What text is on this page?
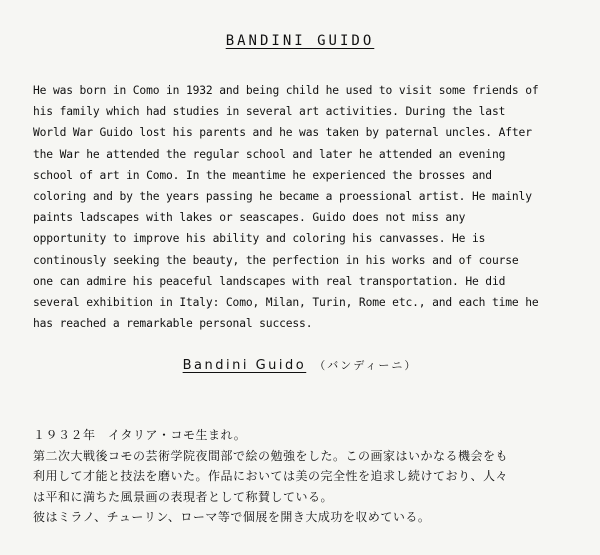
BANDINI GUIDO

He was born in Como in 1932 and being child he used to visit some friends of
his family which had studies in several art activities. During the last
World War Guido lost his parents and he was taken by paternal uncles. After
the War he attended the regular school and later he attended an evening
school of art in Como. In the meantime he experienced the brosses and
coloring and by the years passing he became a proessional artist. He mainly
paints ladscapes with lakes or seascapes. Guido does not miss any
opportunity to improve his ability and coloring his canvasses. He is
continously seeking the beauty, the perfection in his works and of course
one can admire his peaceful landscapes with real transportation. He did
several exhibition in Italy: Como, Milan, Turin, Rome etc., and each time he
has reached a remarkable personal success.

Bandini Guido （バンディーニ）

１９３２年　イタリア・コモ生まれ。
第二次大戦後コモの芸術学院夜間部で絵の勉強をした。この画家はいかなる機会をも
利用して才能と技法を磨いた。作品においては美の完全性を追求し続けており、人々
は平和に満ちた風景画の表現者として称賛している。
彼はミラノ、チューリン、ローマ等で個展を開き大成功を収めている。
